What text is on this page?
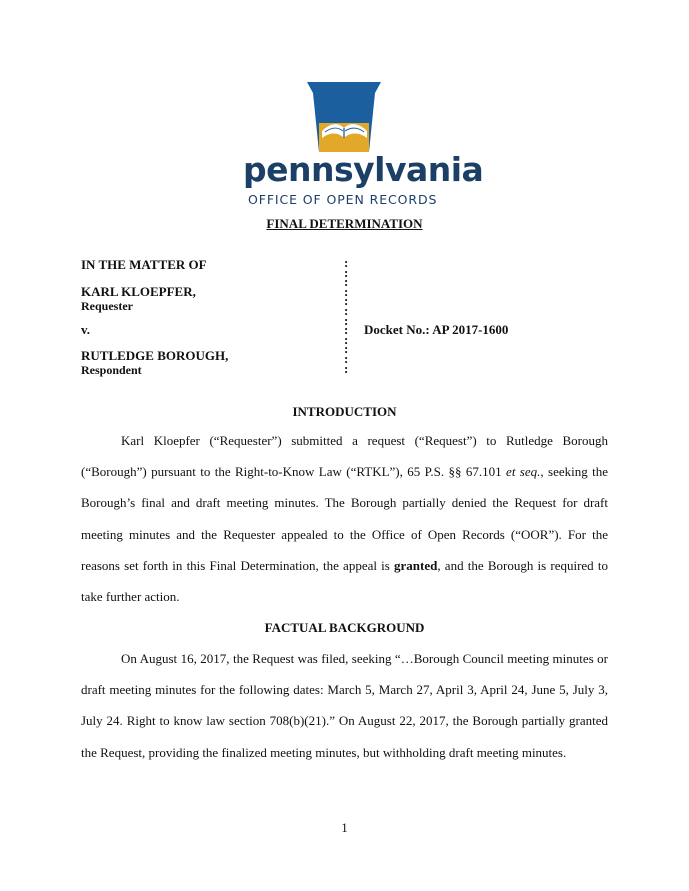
pennsylvania
OFFICE OF OPEN RECORDS
FINAL DETERMINATION
IN THE MATTER OF
KARL KLOEPFER,
Requester
v.
RUTLEDGE BOROUGH,
Respondent
:
:
:
:
:
:
:
:
:
:
:
:
Docket No.: AP 2017-1600
INTRODUCTION
Karl Kloepfer (“Requester”) submitted a request (“Request”) to Rutledge Borough (“Borough”) pursuant to the Right-to-Know Law (“RTKL”), 65 P.S. §§ 67.101 et seq., seeking the Borough’s final and draft meeting minutes. The Borough partially denied the Request for draft meeting minutes and the Requester appealed to the Office of Open Records (“OOR”). For the reasons set forth in this Final Determination, the appeal is granted, and the Borough is required to take further action.
FACTUAL BACKGROUND
On August 16, 2017, the Request was filed, seeking “…Borough Council meeting minutes or draft meeting minutes for the following dates: March 5, March 27, April 3, April 24, June 5, July 3, July 24. Right to know law section 708(b)(21).” On August 22, 2017, the Borough partially granted the Request, providing the finalized meeting minutes, but withholding draft meeting minutes.
1
